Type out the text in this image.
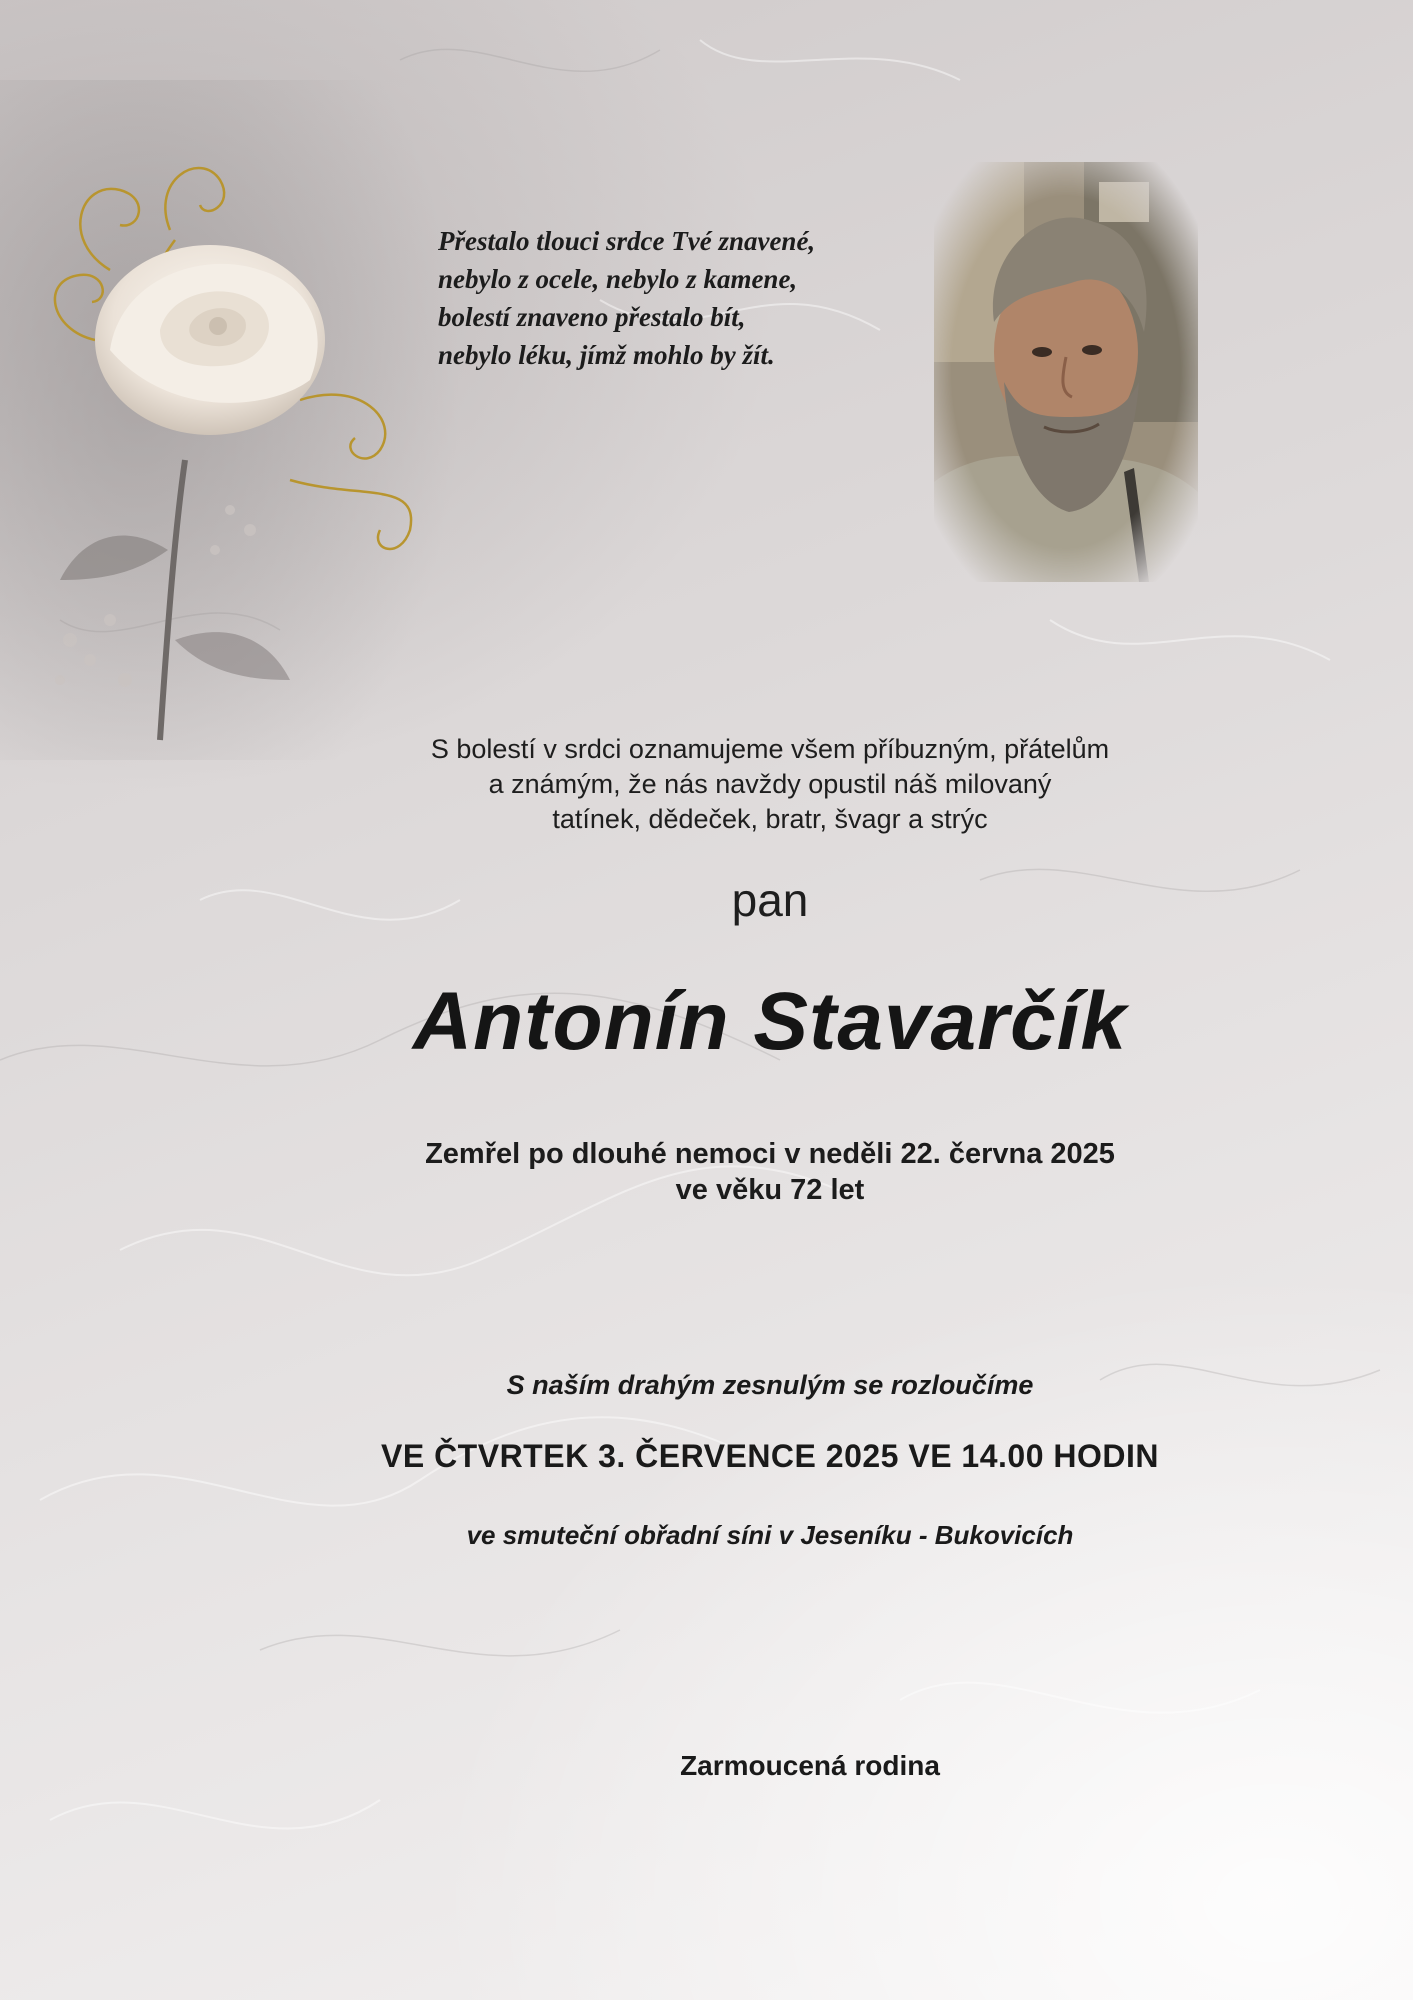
Přestalo tlouci srdce Tvé znavené,
nebylo z ocele, nebylo z kamene,
bolestí znaveno přestalo bít,
nebylo léku, jímž mohlo by žít.
S bolestí v srdci oznamujeme všem příbuzným, přátelům
a známým, že nás navždy opustil náš milovaný
tatínek, dědeček, bratr, švagr a strýc
pan
Antonín Stavarčík
Zemřel po dlouhé nemoci v neděli 22. června 2025
ve věku 72 let
S naším drahým zesnulým se rozloučíme
VE ČTVRTEK 3. ČERVENCE 2025 VE 14.00 HODIN
ve smuteční obřadní síni v Jeseníku - Bukovicích
Zarmoucená rodina
